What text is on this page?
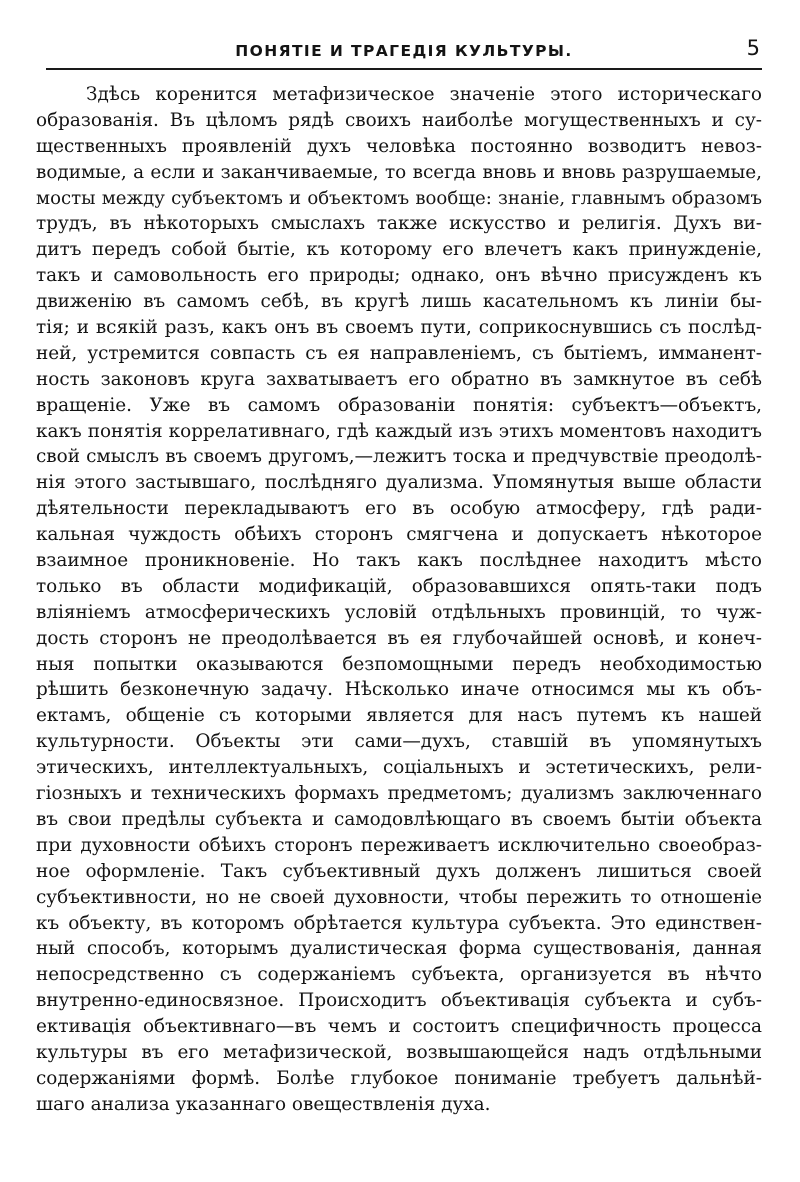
ПОНЯТІЕ И ТРАГЕДІЯ КУЛЬТУРЫ.	5
Здѣсь коренится метафизическое значенiе этого историческаго
образованія. Въ цѣломъ рядѣ своихъ наиболѣе могущественныхъ и су-
щественныхъ проявленій духъ человѣка постоянно возводитъ невоз-
водимые, а если и заканчиваемые, то всегда вновь и вновь разрушаемые,
мосты между субъектомъ и объектомъ вообще: знаніе, главнымъ образомъ
трудъ, въ нѣкоторыхъ смыслахъ также искусство и религія. Духъ ви-
дитъ передъ собой бытіе, къ которому его влечетъ какъ принужденіе,
такъ и самовольность его природы; однако, онъ вѣчно присужденъ къ
движенію въ самомъ себѣ, въ кругѣ лишь касательномъ къ линіи бы-
тія; и всякій разъ, какъ онъ въ своемъ пути, соприкоснувшись съ послѣд-
ней, устремится совпасть съ ея направленіемъ, съ бытіемъ, имманент-
ность законовъ круга захватываетъ его обратно въ замкнутое въ себѣ
вращеніе. Уже въ самомъ образованіи понятія: субъектъ—объектъ,
какъ понятія коррелативнаго, гдѣ каждый изъ этихъ моментовъ находитъ
свой смыслъ въ своемъ другомъ,—лежитъ тоска и предчувствіе преодолѣ-
нія этого застывшаго, послѣдняго дуализма. Упомянутыя выше области
дѣятельности перекладываютъ его въ особую атмосферу, гдѣ ради-
кальная чуждость обѣихъ сторонъ смягчена и допускаетъ нѣкоторое
взаимное проникновеніе. Но такъ какъ послѣднее находитъ мѣсто
только въ области модификацій, образовавшихся опять-таки подъ
вліяніемъ атмосферическихъ условій отдѣльныхъ провинцій, то чуж-
дость сторонъ не преодолѣвается въ ея глубочайшей основѣ, и конеч-
ныя попытки оказываются безпомощными передъ необходимостью
рѣшить безконечную задачу. Нѣсколько иначе относимся мы къ объ-
ектамъ, общеніе съ которыми является для насъ путемъ къ нашей
культурности. Объекты эти сами—духъ, ставшій въ упомянутыхъ
этическихъ, интеллектуальныхъ, соціальныхъ и эстетическихъ, рели-
гіозныхъ и техническихъ формахъ предметомъ; дуализмъ заключеннаго
въ свои предѣлы субъекта и самодовлѣющаго въ своемъ бытіи объекта
при духовности обѣихъ сторонъ переживаетъ исключительно своеобраз-
ное оформленіе. Такъ субъективный духъ долженъ лишиться своей
субъективности, но не своей духовности, чтобы пережить то отношеніе
къ объекту, въ которомъ обрѣтается культура субъекта. Это единствен-
ный способъ, которымъ дуалистическая форма существованія, данная
непосредственно съ содержаніемъ субъекта, организуется въ нѣчто
внутренно-единосвязное. Происходитъ объективація субъекта и субъ-
ективація объективнаго—въ чемъ и состоитъ специфичность процесса
культуры въ его метафизической, возвышающейся надъ отдѣльными
содержаніями формѣ. Болѣе глубокое пониманіе требуетъ дальнѣй-
шаго анализа указаннаго овеществленія духа.
